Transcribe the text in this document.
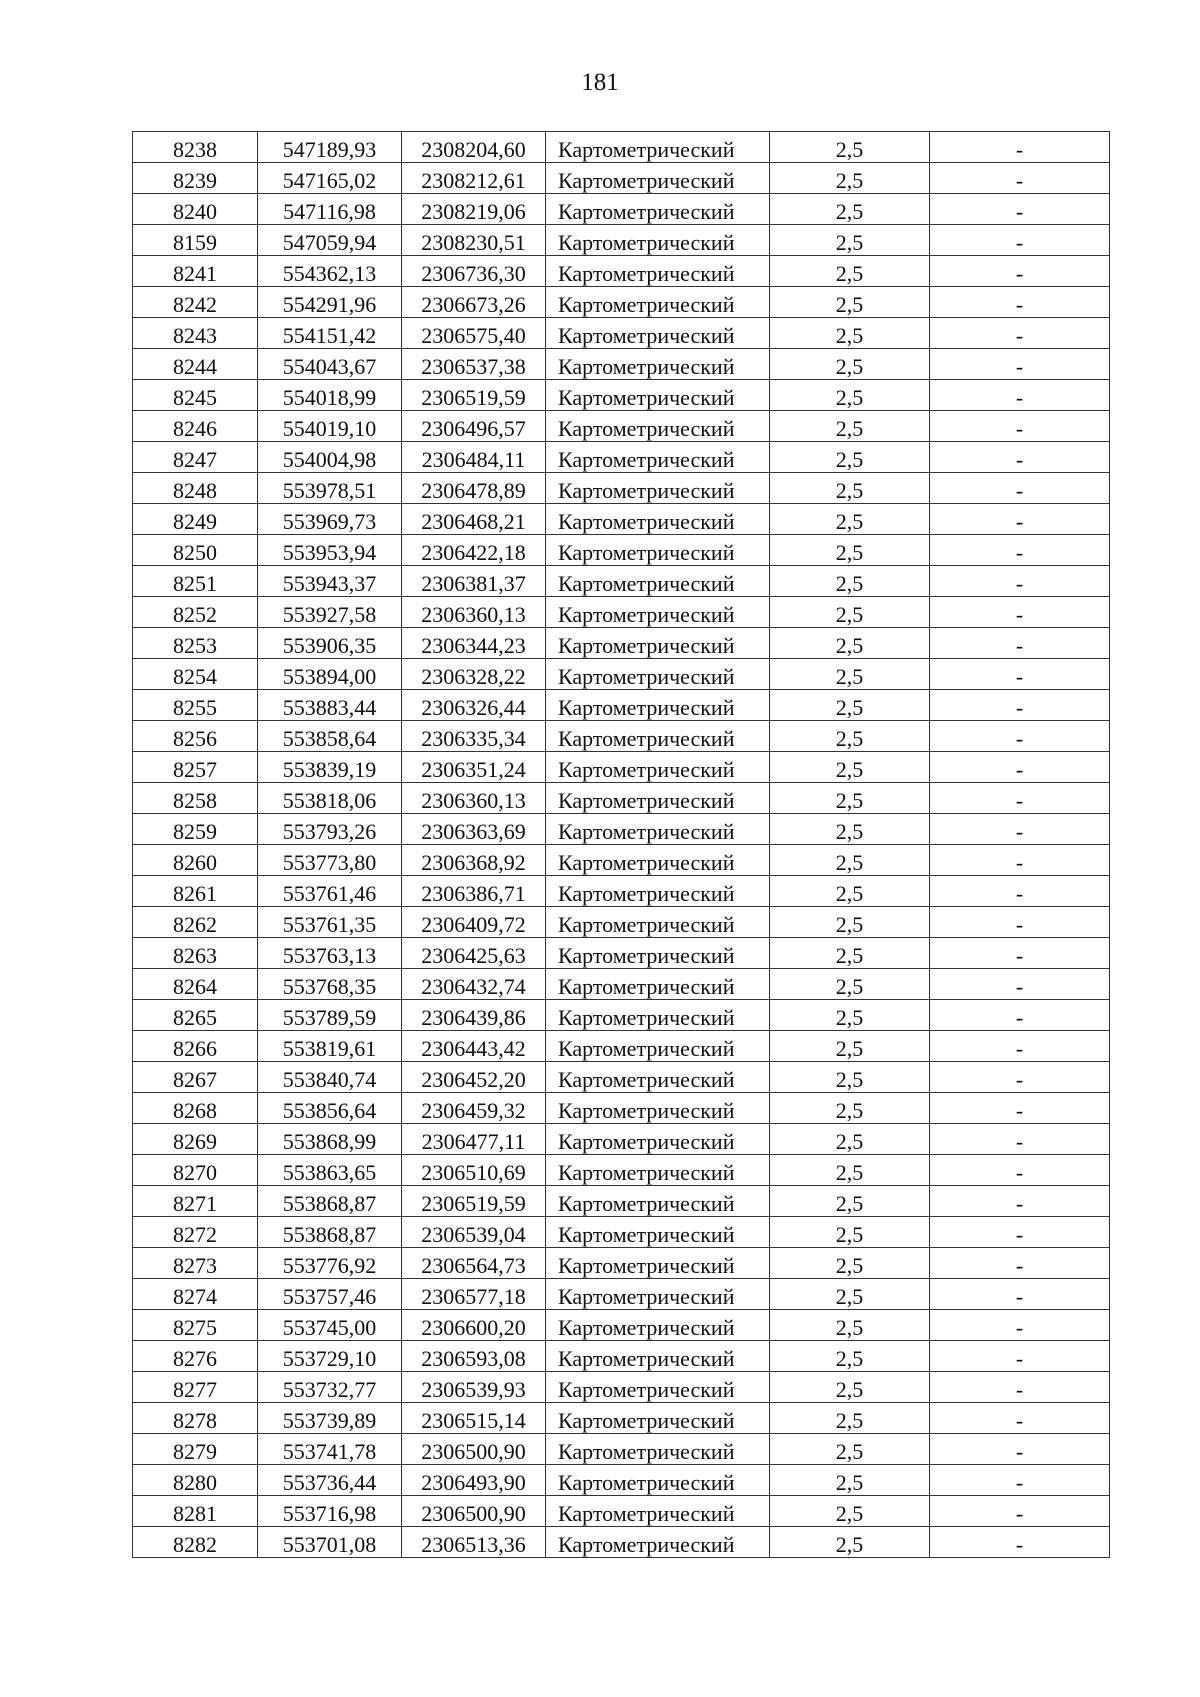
181
8238	547189,93	2308204,60	Картометрический	2,5	-
8239	547165,02	2308212,61	Картометрический	2,5	-
8240	547116,98	2308219,06	Картометрический	2,5	-
8159	547059,94	2308230,51	Картометрический	2,5	-
8241	554362,13	2306736,30	Картометрический	2,5	-
8242	554291,96	2306673,26	Картометрический	2,5	-
8243	554151,42	2306575,40	Картометрический	2,5	-
8244	554043,67	2306537,38	Картометрический	2,5	-
8245	554018,99	2306519,59	Картометрический	2,5	-
8246	554019,10	2306496,57	Картометрический	2,5	-
8247	554004,98	2306484,11	Картометрический	2,5	-
8248	553978,51	2306478,89	Картометрический	2,5	-
8249	553969,73	2306468,21	Картометрический	2,5	-
8250	553953,94	2306422,18	Картометрический	2,5	-
8251	553943,37	2306381,37	Картометрический	2,5	-
8252	553927,58	2306360,13	Картометрический	2,5	-
8253	553906,35	2306344,23	Картометрический	2,5	-
8254	553894,00	2306328,22	Картометрический	2,5	-
8255	553883,44	2306326,44	Картометрический	2,5	-
8256	553858,64	2306335,34	Картометрический	2,5	-
8257	553839,19	2306351,24	Картометрический	2,5	-
8258	553818,06	2306360,13	Картометрический	2,5	-
8259	553793,26	2306363,69	Картометрический	2,5	-
8260	553773,80	2306368,92	Картометрический	2,5	-
8261	553761,46	2306386,71	Картометрический	2,5	-
8262	553761,35	2306409,72	Картометрический	2,5	-
8263	553763,13	2306425,63	Картометрический	2,5	-
8264	553768,35	2306432,74	Картометрический	2,5	-
8265	553789,59	2306439,86	Картометрический	2,5	-
8266	553819,61	2306443,42	Картометрический	2,5	-
8267	553840,74	2306452,20	Картометрический	2,5	-
8268	553856,64	2306459,32	Картометрический	2,5	-
8269	553868,99	2306477,11	Картометрический	2,5	-
8270	553863,65	2306510,69	Картометрический	2,5	-
8271	553868,87	2306519,59	Картометрический	2,5	-
8272	553868,87	2306539,04	Картометрический	2,5	-
8273	553776,92	2306564,73	Картометрический	2,5	-
8274	553757,46	2306577,18	Картометрический	2,5	-
8275	553745,00	2306600,20	Картометрический	2,5	-
8276	553729,10	2306593,08	Картометрический	2,5	-
8277	553732,77	2306539,93	Картометрический	2,5	-
8278	553739,89	2306515,14	Картометрический	2,5	-
8279	553741,78	2306500,90	Картометрический	2,5	-
8280	553736,44	2306493,90	Картометрический	2,5	-
8281	553716,98	2306500,90	Картометрический	2,5	-
8282	553701,08	2306513,36	Картометрический	2,5	-
